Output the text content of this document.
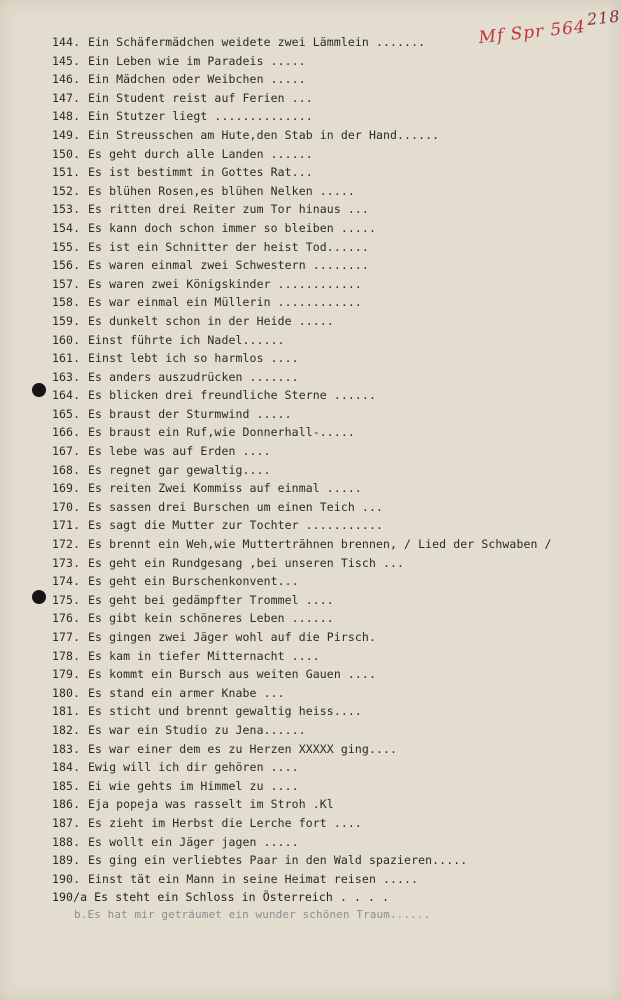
Mf Spr 564218
144. Ein Schäfermädchen weidete zwei Lämmlein .......
145. Ein Leben wie im Paradeis .....
146. Ein Mädchen oder Weibchen .....
147. Ein Student reist auf Ferien ...
148. Ein Stutzer liegt ..............
149. Ein Streusschen am Hute,den Stab in der Hand......
150. Es geht durch alle Landen ......
151. Es ist bestimmt in Gottes Rat...
152. Es blühen Rosen,es blühen Nelken .....
153. Es ritten drei Reiter zum Tor hinaus ...
154. Es kann doch schon immer so bleiben .....
155. Es ist ein Schnitter der heist Tod......
156. Es waren einmal zwei Schwestern ........
157. Es waren zwei Königskinder ............
158. Es war einmal ein Müllerin ............
159. Es dunkelt schon in der Heide .....
160. Einst führte ich Nadel......
161. Einst lebt ich so harmlos ....
163. Es anders auszudrücken .......
164. Es blicken drei freundliche Sterne ......
165. Es braust der Sturmwind .....
166. Es braust ein Ruf,wie Donnerhall-.....
167. Es lebe was auf Erden ....
168. Es regnet gar gewaltig....
169. Es reiten Zwei Kommiss auf einmal .....
170. Es sassen drei Burschen um einen Teich ...
171. Es sagt die Mutter zur Tochter ...........
172. Es brennt ein Weh,wie Mutterträhnen brennen, / Lied der Schwaben /
173. Es geht ein Rundgesang ,bei unseren Tisch ...
174. Es geht ein Burschenkonvent...
175. Es geht bei gedämpfter Trommel ....
176. Es gibt kein schöneres Leben ......
177. Es gingen zwei Jäger wohl auf die Pirsch.
178. Es kam in tiefer Mitternacht ....
179. Es kommt ein Bursch aus weiten Gauen ....
180. Es stand ein armer Knabe ...
181. Es sticht und brennt gewaltig heiss....
182. Es war ein Studio zu Jena......
183. Es war einer dem es zu Herzen XXXXX ging....
184. Ewig will ich dir gehören ....
185. Ei wie gehts im Himmel zu ....
186. Eja popeja was rasselt im Stroh .Kl
187. Es zieht im Herbst die Lerche fort ....
188. Es wollt ein Jäger jagen .....
189. Es ging ein verliebtes Paar in den Wald spazieren.....
190. Einst tät ein Mann in seine Heimat reisen .....
190/a Es steht ein Schloss in Österreich . . . .
b.Es hat mir geträumet ein wunder schönen Traum......
